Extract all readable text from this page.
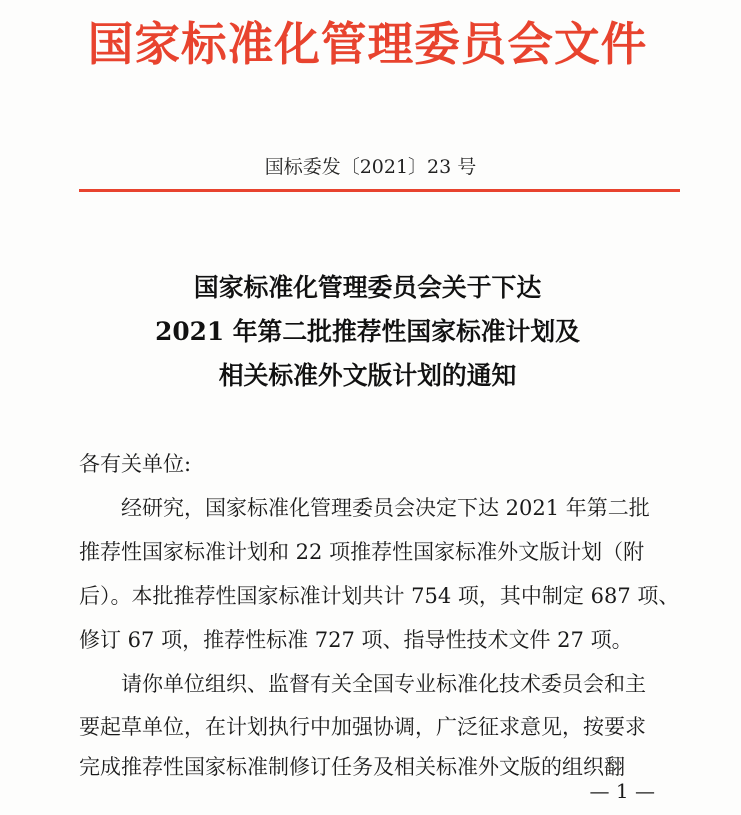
国家标准化管理委员会文件
国标委发〔2021〕23 号
国家标准化管理委员会关于下达
2021 年第二批推荐性国家标准计划及
相关标准外文版计划的通知
各有关单位:
经研究，国家标准化管理委员会决定下达 2021 年第二批
推荐性国家标准计划和 22 项推荐性国家标准外文版计划（附
后）。本批推荐性国家标准计划共计 754 项，其中制定 687 项、
修订 67 项，推荐性标准 727 项、指导性技术文件 27 项。
请你单位组织、监督有关全国专业标准化技术委员会和主
要起草单位，在计划执行中加强协调，广泛征求意见，按要求
完成推荐性国家标准制修订任务及相关标准外文版的组织翻
— 1 —
